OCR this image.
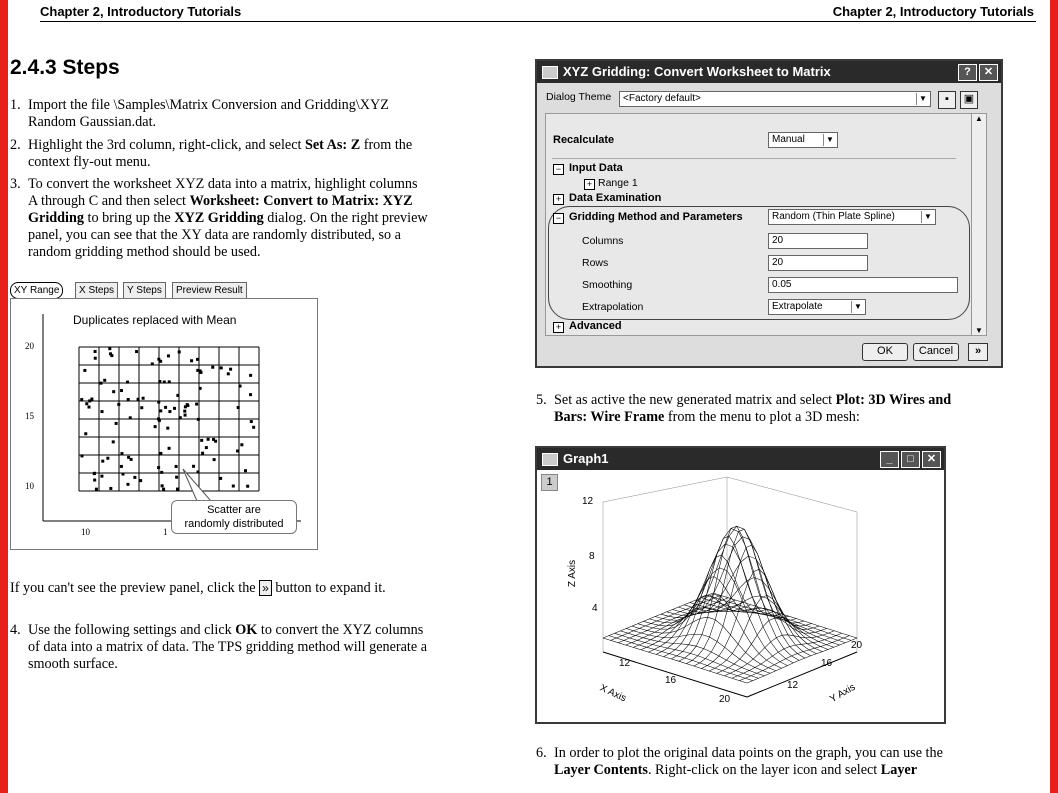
Chapter 2, Introductory Tutorials	Chapter 2, Introductory Tutorials
2.4.3 Steps
1. Import the file \Samples\Matrix Conversion and Gridding\XYZ
Random Gaussian.dat.
2. Highlight the 3rd column, right-click, and select Set As: Z from the
context fly-out menu.
3. To convert the worksheet XYZ data into a matrix, highlight columns
A through C and then select Worksheet: Convert to Matrix: XYZ
Gridding to bring up the XYZ Gridding dialog. On the right preview
panel, you can see that the XY data are randomly distributed, so a
random gridding method should be used.
XY Range	X Steps	Y Steps	Preview Result
Duplicates replaced with Mean
20
15
10
10	1
Scatter are
randomly distributed
If you can't see the preview panel, click the » button to expand it.
4. Use the following settings and click OK to convert the XYZ columns
of data into a matrix of data. The TPS gridding method will generate a
smooth surface.
XYZ Gridding: Convert Worksheet to Matrix	?	✕
Dialog Theme	<Factory default>	▼	▪	▣
Recalculate	Manual	▼
− Input Data
+ Range 1
+ Data Examination
− Gridding Method and Parameters	Random (Thin Plate Spline)	▼
Columns	20
Rows	20
Smoothing	0.05
Extrapolation	Extrapolate	▼
+ Advanced
▲
▼
OK	Cancel	»
5. Set as active the new generated matrix and select Plot: 3D Wires and
Bars: Wire Frame from the menu to plot a 3D mesh:
Graph1	_	□	✕
1
12
8
4
Z Axis
12
16
20
X Axis	12
16
20
Y Axis
6. In order to plot the original data points on the graph, you can use the
Layer Contents. Right-click on the layer icon and select Layer
